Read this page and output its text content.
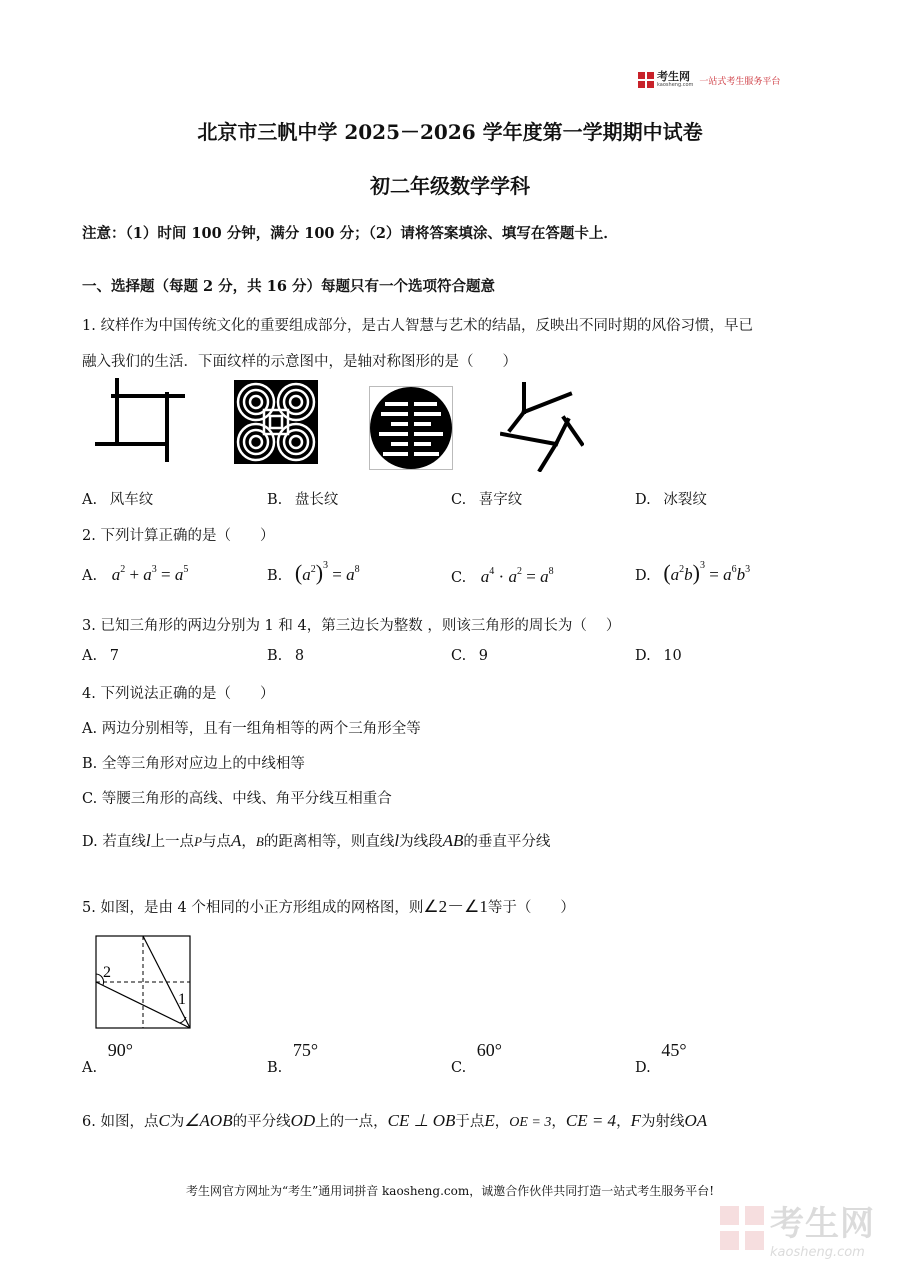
考生网
kaosheng.com 一站式考生服务平台
北京市三帆中学 2025－2026 学年度第一学期期中试卷
初二年级数学学科
注意：（1）时间 100 分钟，满分 100 分；（2）请将答案填涂、填写在答题卡上．
一、选择题（每题 2 分，共 16 分）每题只有一个选项符合题意
1. 纹样作为中国传统文化的重要组成部分，是古人智慧与艺术的结晶，反映出不同时期的风俗习惯，早已
融入我们的生活．下面纹样的示意图中，是轴对称图形的是（　　）
A. 风车纹	B. 盘长纹	C. 喜字纹	D. 冰裂纹
2. 下列计算正确的是（　　）
A. $a^2 + a^3 = a^5$	B. $(a^2)^3 = a^8$
C. $a^4 \cdot a^2 = a^8$	D. $(a^2b)^3 = a^6b^3$
3. 已知三角形的两边分别为 1 和 4，第三边长为整数 ，则该三角形的周长为（　 ）
A. 7	B. 8	C. 9	D. 10
4. 下列说法正确的是（　　）
A. 两边分别相等，且有一组角相等的两个三角形全等
B. 全等三角形对应边上的中线相等
C. 等腰三角形的高线、中线、角平分线互相重合
D. 若直线l上一点P与点A，B的距离相等，则直线l为线段AB的垂直平分线
5. 如图，是由 4 个相同的小正方形组成的网格图，则∠2－∠1等于（　　）
2
1
A. 90°
B. 75°
C. 60°
D. 45°
6. 如图，点C为∠AOB的平分线OD上的一点，CE ⊥ OB于点E，OE = 3，CE = 4，F为射线OA
考生网官方网址为“考生”通用词拼音 kaosheng.com，诚邀合作伙伴共同打造一站式考生服务平台!
考生网
kaosheng.com
